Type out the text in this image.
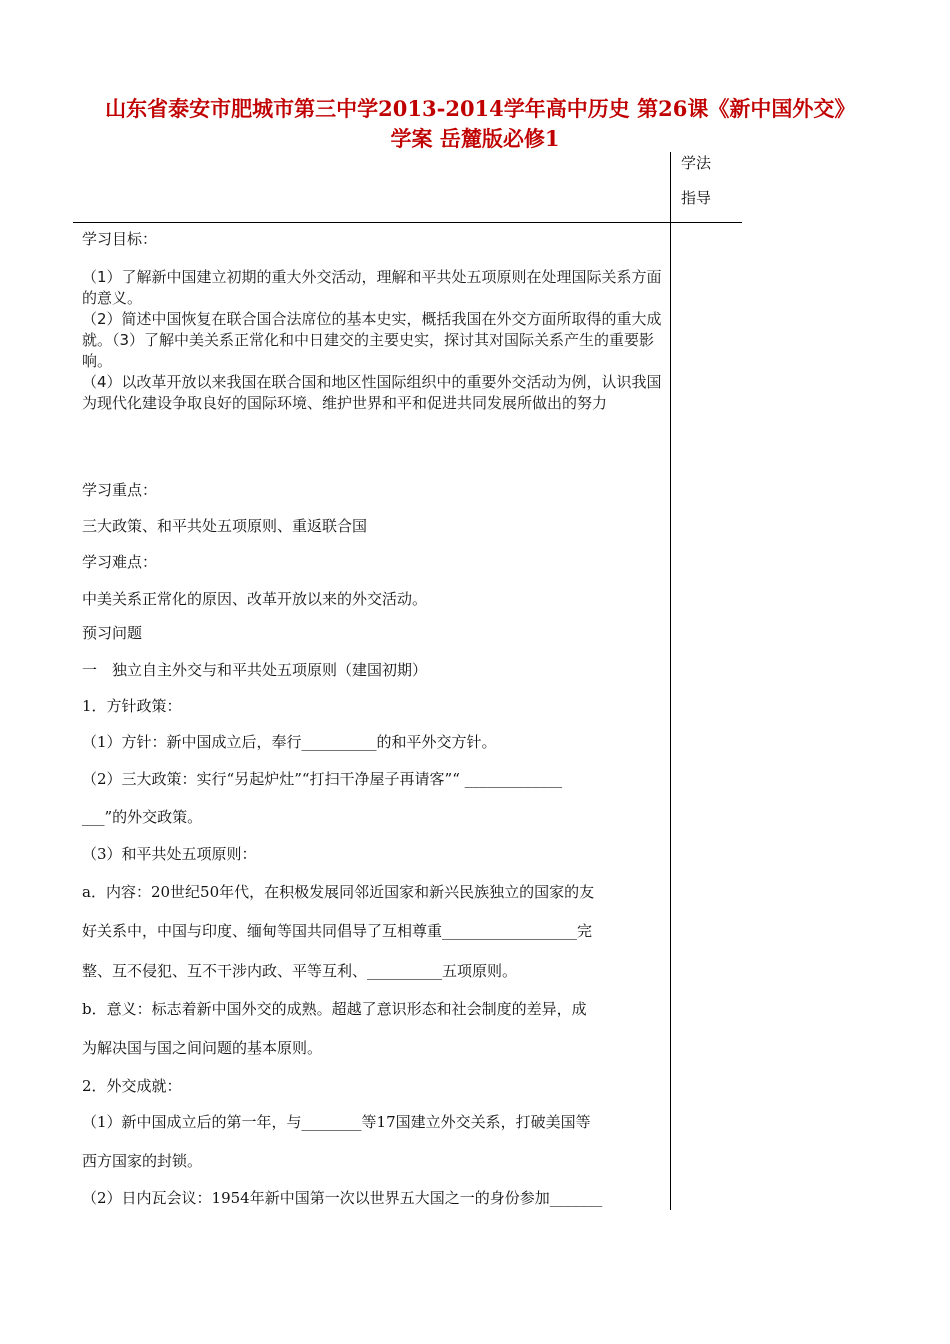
山东省泰安市肥城市第三中学2013-2014学年高中历史 第26课《新中国外交》学案 岳麓版必修1
学法
指导
学习目标：

（1）了解新中国建立初期的重大外交活动，理解和平共处五项原则在处理国际关系方面的意义。

（2）简述中国恢复在联合国合法席位的基本史实，概括我国在外交方面所取得的重大成就。（3）了解中美关系正常化和中日建交的主要史实，探讨其对国际关系产生的重要影响。

（4）以改革开放以来我国在联合国和地区性国际组织中的重要外交活动为例，认识我国为现代化建设争取良好的国际环境、维护世界和平和促进共同发展所做出的努力

学习重点：
三大政策、和平共处五项原则、重返联合国
学习难点：
中美关系正常化的原因、改革开放以来的外交活动。
预习问题
一　独立自主外交与和平共处五项原则（建国初期）
1．方针政策：
（1）方针：新中国成立后，奉行__________的和平外交方针。
（2）三大政策：实行“另起炉灶”“打扫干净屋子再请客”“ _____________
___”的外交政策。
（3）和平共处五项原则：
a．内容：20世纪50年代，在积极发展同邻近国家和新兴民族独立的国家的友
好关系中，中国与印度、缅甸等国共同倡导了互相尊重__________________完
整、互不侵犯、互不干涉内政、平等互利、__________五项原则。
b．意义：标志着新中国外交的成熟。超越了意识形态和社会制度的差异，成
为解决国与国之间问题的基本原则。
2．外交成就：
（1）新中国成立后的第一年，与________等17国建立外交关系，打破美国等
西方国家的封锁。
（2）日内瓦会议：1954年新中国第一次以世界五大国之一的身份参加_______
